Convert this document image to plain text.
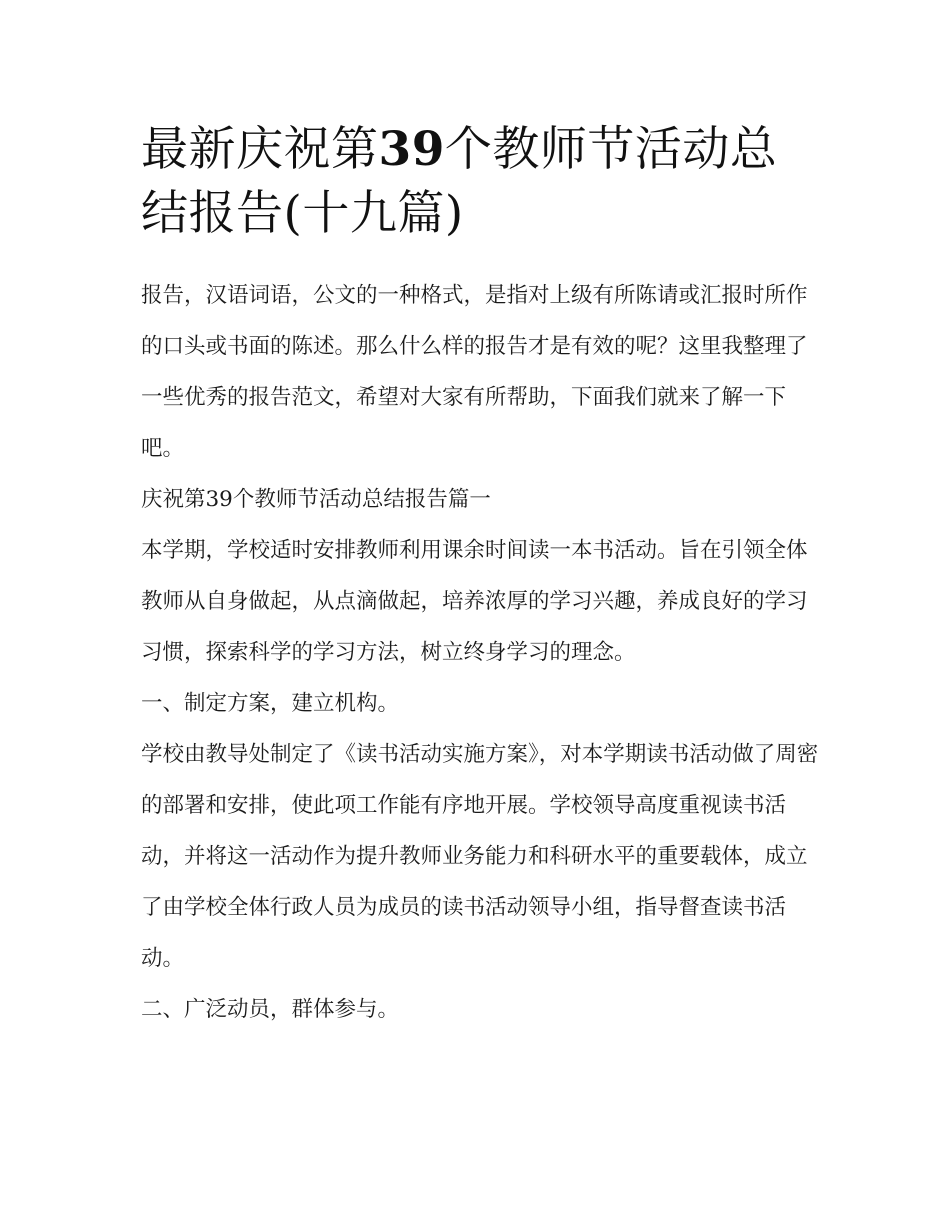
最新庆祝第39个教师节活动总
结报告(十九篇)

报告，汉语词语，公文的一种格式，是指对上级有所陈请或汇报时所作的口头或书面的陈述。那么什么样的报告才是有效的呢？这里我整理了一些优秀的报告范文，希望对大家有所帮助，下面我们就来了解一下吧。

庆祝第39个教师节活动总结报告篇一

本学期，学校适时安排教师利用课余时间读一本书活动。旨在引领全体教师从自身做起，从点滴做起，培养浓厚的学习兴趣，养成良好的学习习惯，探索科学的学习方法，树立终身学习的理念。

一、制定方案，建立机构。

学校由教导处制定了《读书活动实施方案》，对本学期读书活动做了周密的部署和安排，使此项工作能有序地开展。学校领导高度重视读书活动，并将这一活动作为提升教师业务能力和科研水平的重要载体，成立了由学校全体行政人员为成员的读书活动领导小组，指导督查读书活动。

二、广泛动员，群体参与。
